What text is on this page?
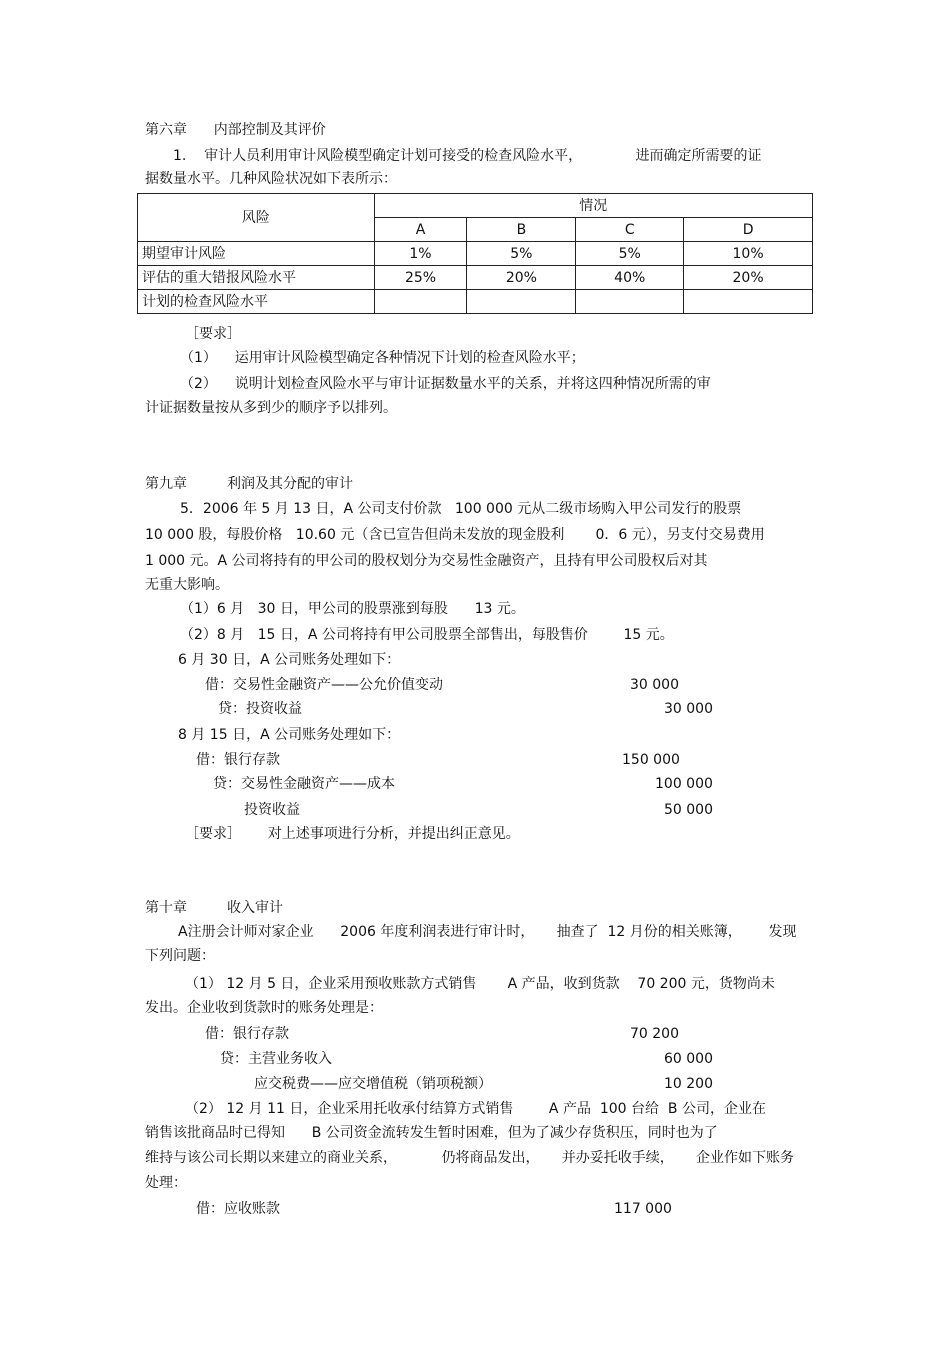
第六章      内部控制及其评价
1.    审计人员利用审计风险模型确定计划可接受的检查风险水平，            进而确定所需要的证
据数量水平。几种风险状况如下表所示：
风险	情况			
	A	B	C	D
期望审计风险	1%	5%	5%	10%
评估的重大错报风险水平	25%	20%	40%	20%
计划的检查风险水平				
［要求］
（1）    运用审计风险模型确定各种情况下计划的检查风险水平；
（2）    说明计划检查风险水平与审计证据数量水平的关系，并将这四种情况所需的审
计证据数量按从多到少的顺序予以排列。
第九章         利润及其分配的审计
5．2006 年 5 月 13 日，A 公司支付价款   100 000 元从二级市场购入甲公司发行的股票
10 000 股，每股价格   10.60 元（含已宣告但尚未发放的现金股利       0．6 元），另支付交易费用
1 000 元。A 公司将持有的甲公司的股权划分为交易性金融资产，且持有甲公司股权后对其
无重大影响。
（1）6 月   30 日，甲公司的股票涨到每股      13 元。
（2）8 月   15 日，A 公司将持有甲公司股票全部售出，每股售价        15 元。
6 月 30 日，A 公司账务处理如下：
借：交易性金融资产——公允价值变动	30 000
贷：投资收益	30 000
8 月 15 日，A 公司账务处理如下：
借：银行存款	150 000
贷：交易性金融资产——成本	100 000
投资收益	50 000
［要求］      对上述事项进行分析，并提出纠正意见。
第十章         收入审计
A注册会计师对家企业      2006 年度利润表进行审计时，     抽查了  12 月份的相关账簿，      发现
下列问题：
（1） 12 月 5 日，企业采用预收账款方式销售       A 产品，收到货款    70 200 元，货物尚未
发出。企业收到货款时的账务处理是：
借：银行存款	70 200
贷：主营业务收入	60 000
应交税费——应交增值税（销项税额）	10 200
（2） 12 月 11 日，企业采用托收承付结算方式销售        A 产品  100 台给  B 公司，企业在
销售该批商品时已得知      B 公司资金流转发生暂时困难，但为了减少存货积压，同时也为了
维持与该公司长期以来建立的商业关系，          仍将商品发出，     并办妥托收手续，     企业作如下账务
处理：
借：应收账款	117 000
